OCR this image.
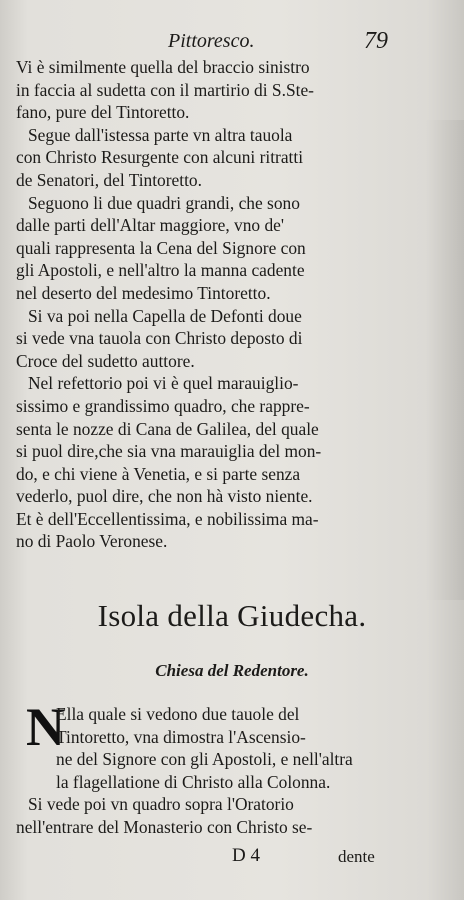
Pittoresco.	79
Vi è similmente quella del braccio sinistro
in faccia al sudetta con il martirio di S.Ste-
fano, pure del Tintoretto.
Segue dall'istessa parte vn altra tauola
con Christo Resurgente con alcuni ritratti
de Senatori, del Tintoretto.
Seguono li due quadri grandi, che sono
dalle parti dell'Altar maggiore, vno de'
quali rappresenta la Cena del Signore con
gli Apostoli, e nell'altro la manna cadente
nel deserto del medesimo Tintoretto.
Si va poi nella Capella de Defonti doue
si vede vna tauola con Christo deposto di
Croce del sudetto auttore.
Nel refettorio poi vi è quel marauiglio-
sissimo e grandissimo quadro, che rappre-
senta le nozze di Cana de Galilea, del quale
si puol dire,che sia vna marauiglia del mon-
do, e chi viene à Venetia, e si parte senza
vederlo, puol dire, che non hà visto niente.
Et è dell'Eccellentissima, e nobilissima ma-
no di Paolo Veronese.
Isola della Giudecha.
Chiesa del Redentore.
N
Ella quale si vedono due tauole del
Tintoretto, vna dimostra l'Ascensio-
ne del Signore con gli Apostoli, e nell'altra
la flagellatione di Christo alla Colonna.
Si vede poi vn quadro sopra l'Oratorio
nell'entrare del Monasterio con Christo se-
D 4	dente
